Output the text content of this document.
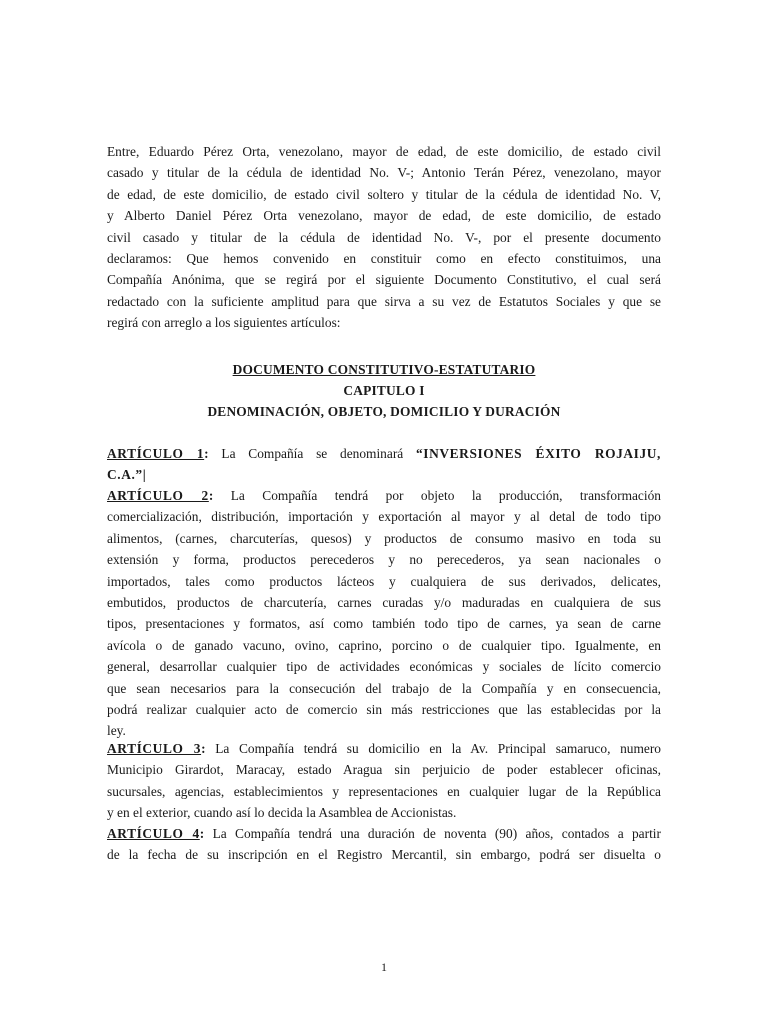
Entre, Eduardo Pérez Orta, venezolano, mayor de edad, de este domicilio, de estado civil
casado y titular de la cédula de identidad No. V-; Antonio Terán Pérez, venezolano, mayor
de edad, de este domicilio, de estado civil soltero y titular de la cédula de identidad No. V,
y Alberto Daniel Pérez Orta venezolano, mayor de edad, de este domicilio, de estado
civil casado y titular de la cédula de identidad No. V-, por el presente documento
declaramos: Que hemos convenido en constituir como en efecto constituimos, una
Compañía Anónima, que se regirá por el siguiente Documento Constitutivo, el cual será
redactado con la suficiente amplitud para que sirva a su vez de Estatutos Sociales y que se
regirá con arreglo a los siguientes artículos:
DOCUMENTO CONSTITUTIVO-ESTATUTARIO
CAPITULO I
DENOMINACIÓN, OBJETO, DOMICILIO Y DURACIÓN
ARTÍCULO 1: La Compañía se denominará “INVERSIONES ÉXITO ROJAIJU,
C.A.”|
ARTÍCULO 2: La Compañía tendrá por objeto la producción, transformación
comercialización, distribución, importación y exportación al mayor y al detal de todo tipo
alimentos, (carnes, charcuterías, quesos) y productos de consumo masivo en toda su
extensión y forma, productos perecederos y no perecederos, ya sean nacionales o
importados, tales como productos lácteos y cualquiera de sus derivados, delicates,
embutidos, productos de charcutería, carnes curadas y/o maduradas en cualquiera de sus
tipos, presentaciones y formatos, así como también todo tipo de carnes, ya sean de carne
avícola o de ganado vacuno, ovino, caprino, porcino o de cualquier tipo. Igualmente, en
general, desarrollar cualquier tipo de actividades económicas y sociales de lícito comercio
que sean necesarios para la consecución del trabajo de la Compañía y en consecuencia,
podrá realizar cualquier acto de comercio sin más restricciones que las establecidas por la
ley.
ARTÍCULO 3: La Compañía tendrá su domicilio en la Av. Principal samaruco, numero
Municipio Girardot, Maracay, estado Aragua sin perjuicio de poder establecer oficinas,
sucursales, agencias, establecimientos y representaciones en cualquier lugar de la República
y en el exterior, cuando así lo decida la Asamblea de Accionistas.
ARTÍCULO 4: La Compañía tendrá una duración de noventa (90) años, contados a partir
de la fecha de su inscripción en el Registro Mercantil, sin embargo, podrá ser disuelta o
1
